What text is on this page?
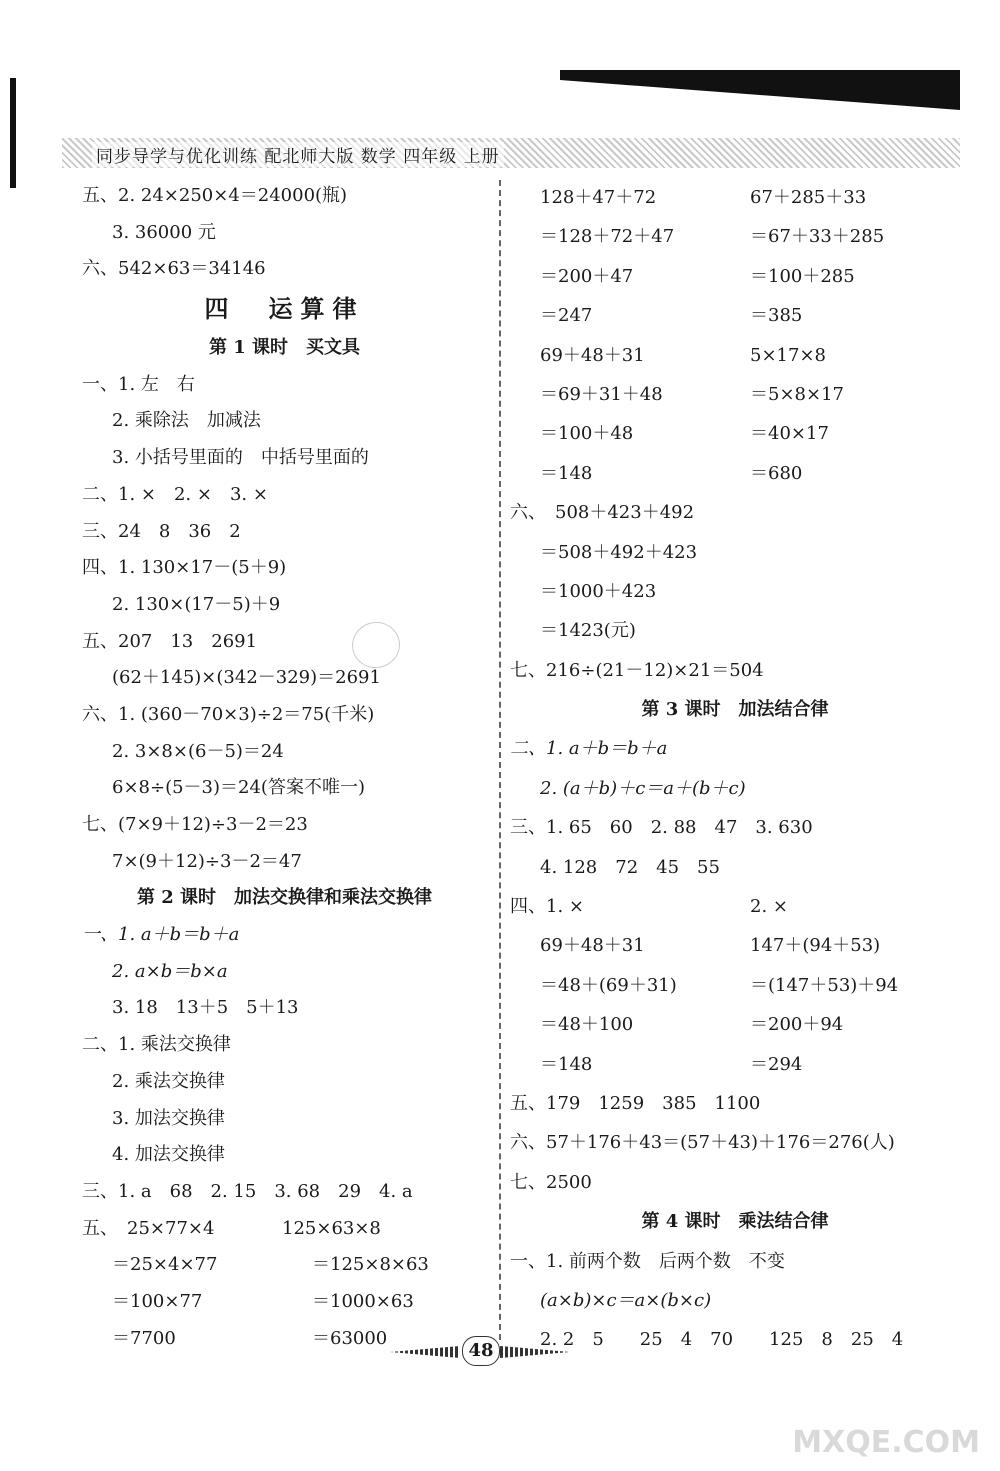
同步导学与优化训练 配北师大版 数学 四年级 上册
五、2. 24×250×4＝24000(瓶)
3. 36000 元
六、542×63＝34146
四　运算律
第 1 课时　买文具
一、1. 左　右
2. 乘除法　加减法
3. 小括号里面的　中括号里面的
二、1. ×　2. ×　3. ×
三、24　8　36　2
四、1. 130×17－(5＋9)
2. 130×(17－5)＋9
五、207　13　2691
(62＋145)×(342－329)＝2691
六、1. (360－70×3)÷2＝75(千米)
2. 3×8×(6－5)＝24
6×8÷(5－3)＝24(答案不唯一)
七、(7×9＋12)÷3－2＝23
7×(9＋12)÷3－2＝47
第 2 课时　加法交换律和乘法交换律
一、1. a＋b＝b＋a
2. a×b＝b×a
3. 18　13＋5　5＋13
二、1. 乘法交换律
2. 乘法交换律
3. 加法交换律
4. 加法交换律
三、1. a　68　2. 15　3. 68　29　4. a
五、　25×77×4	125×63×8
＝25×4×77	＝125×8×63
＝100×77	＝1000×63
＝7700	＝63000
128＋47＋72	67＋285＋33
＝128＋72＋47	＝67＋33＋285
＝200＋47	＝100＋285
＝247	＝385
69＋48＋31	5×17×8
＝69＋31＋48	＝5×8×17
＝100＋48	＝40×17
＝148	＝680
六、　508＋423＋492
＝508＋492＋423
＝1000＋423
＝1423(元)
七、216÷(21－12)×21＝504
第 3 课时　加法结合律
二、1. a＋b＝b＋a
2. (a＋b)＋c＝a＋(b＋c)
三、1. 65　60　2. 88　47　3. 630
4. 128　72　45　55
四、1. ×	2. ×
69＋48＋31	147＋(94＋53)
＝48＋(69＋31)	＝(147＋53)＋94
＝48＋100	＝200＋94
＝148	＝294
五、179　1259　385　1100
六、57＋176＋43＝(57＋43)＋176＝276(人)
七、2500
第 4 课时　乘法结合律
一、1. 前两个数　后两个数　不变
(a×b)×c＝a×(b×c)
2. 2　5　　25　4　70　　125　8　25　4
48
MXQE.COM
